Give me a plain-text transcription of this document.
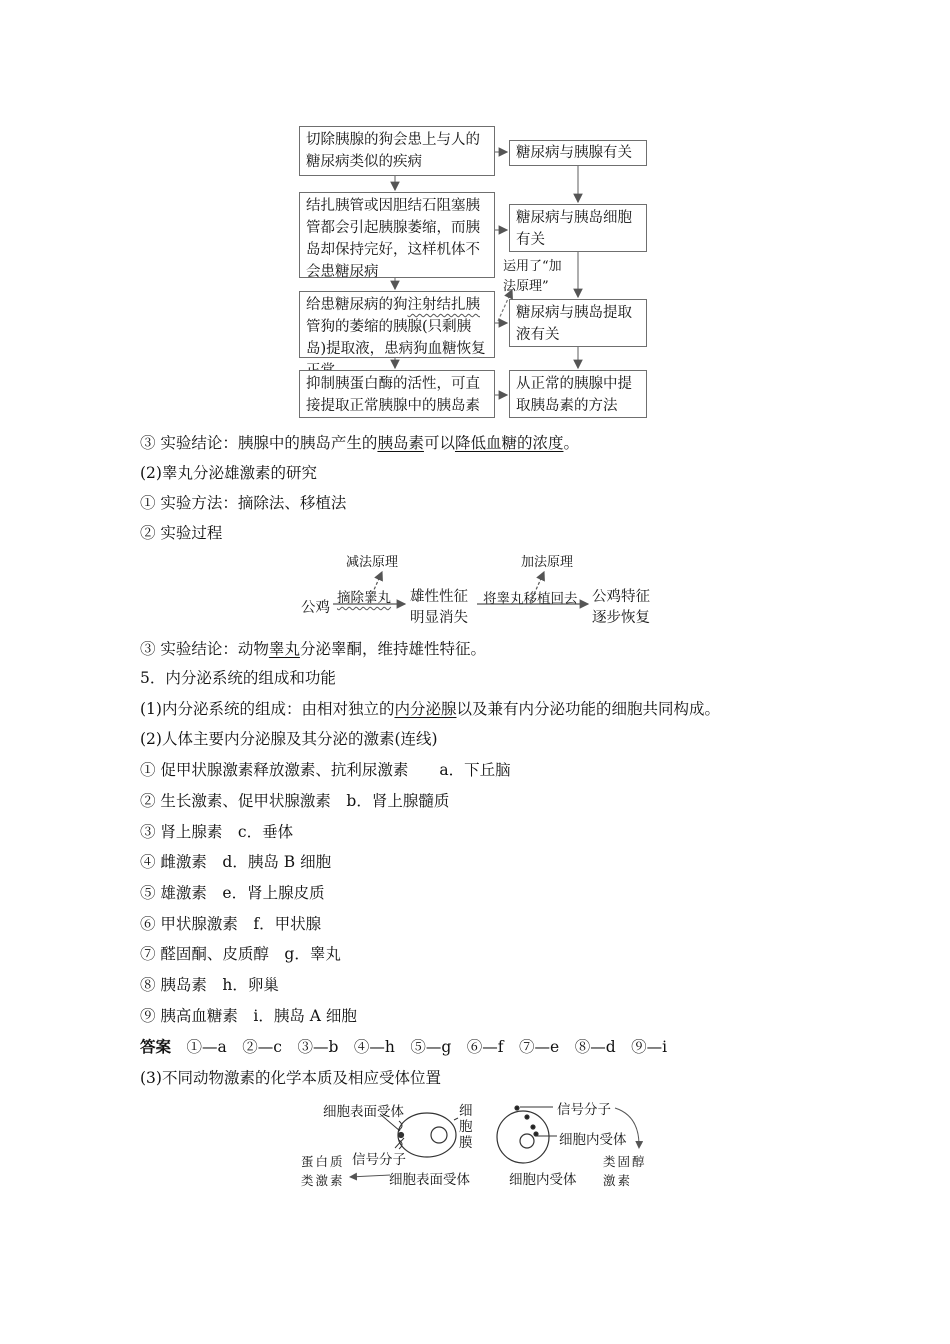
切除胰腺的狗会患上与人的糖尿病类似的疾病
结扎胰管或因胆结石阻塞胰管都会引起胰腺萎缩，而胰岛却保持完好，这样机体不会患糖尿病
给患糖尿病的狗注射结扎胰管狗的萎缩的胰腺(只剩胰岛)提取液，患病狗血糖恢复
抑制胰蛋白酶的活性，可直接提取正常胰腺中的胰岛素
糖尿病与胰腺有关
糖尿病与胰岛细胞有关
糖尿病与胰岛提取液有关
从正常的胰腺中提取胰岛素的方法
运用了“加
法原理”
③ 实验结论：胰腺中的胰岛产生的胰岛素可以降低血糖的浓度。
(2)睾丸分泌雄激素的研究
① 实验方法：摘除法、移植法
② 实验过程
公鸡
减法原理
摘除睾丸 雄性性征
明显消失
加法原理
将睾丸移植回去 公鸡特征
逐步恢复
③ 实验结论：动物睾丸分泌睾酮，维持雄性特征。
5．内分泌系统的组成和功能
(1)内分泌系统的组成：由相对独立的内分泌腺以及兼有内分泌功能的细胞共同构成。
(2)人体主要内分泌腺及其分泌的激素(连线)
① 促甲状腺激素释放激素、抗利尿激素　　a．下丘脑
② 生长激素、促甲状腺激素　b．肾上腺髓质
③ 肾上腺素　c．垂体
④ 雌激素　d．胰岛 B 细胞
⑤ 雄激素　e．肾上腺皮质
⑥ 甲状腺激素　f．甲状腺
⑦ 醛固酮、皮质醇　g．睾丸
⑧ 胰岛素　h．卵巢
⑨ 胰高血糖素　i．胰岛 A 细胞
答案　 ①—a　②—c　③—b　④—h　⑤—g　⑥—f　⑦—e　⑧—d　⑨—i
(3)不同动物激素的化学本质及相应受体位置
细胞表面受体	细
胞
膜
信号分子
蛋白质
类激素	细胞表面受体
信号分子
细胞内受体
细胞内受体
类固醇
激素
